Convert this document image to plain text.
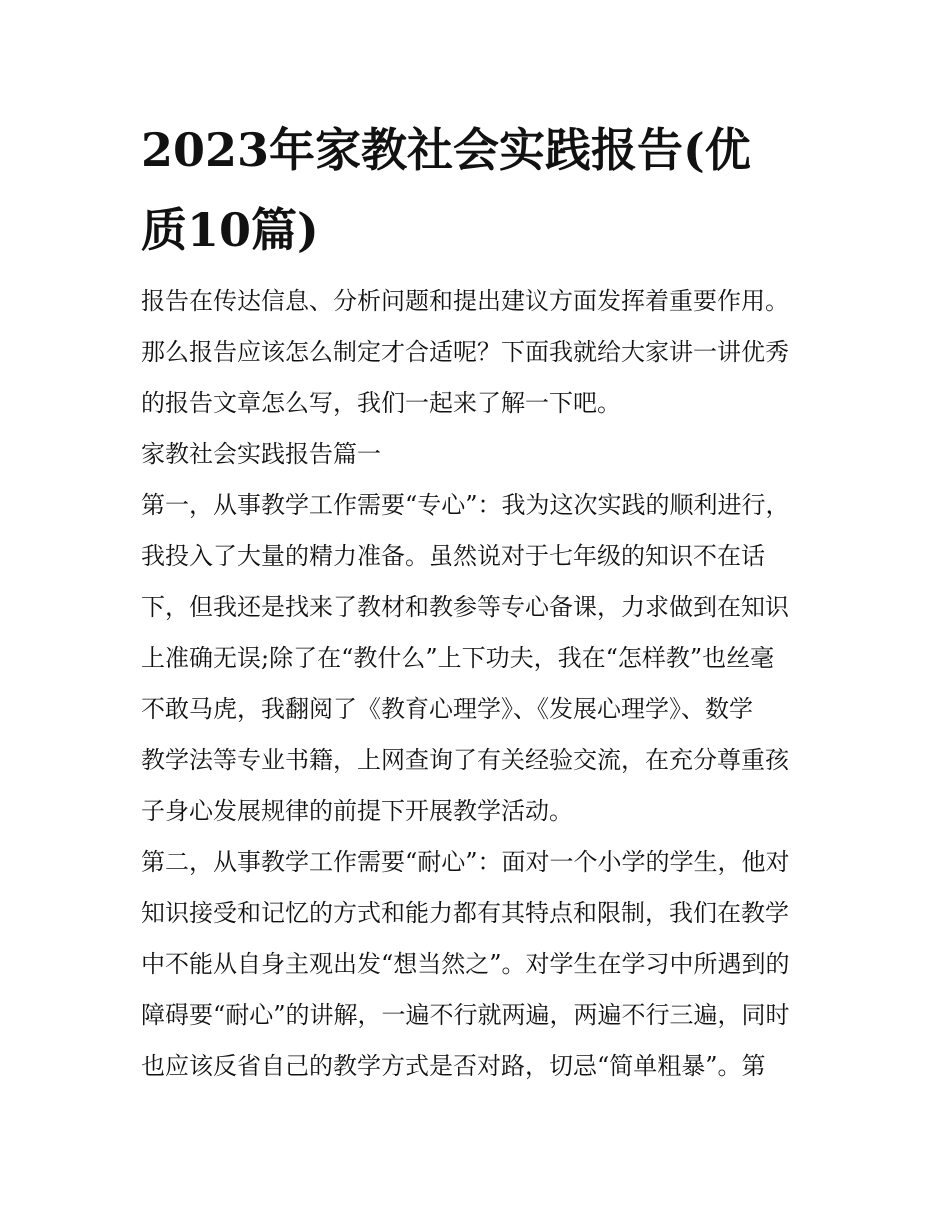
2023年家教社会实践报告(优
质10篇)
报告在传达信息、分析问题和提出建议方面发挥着重要作用。
那么报告应该怎么制定才合适呢？下面我就给大家讲一讲优秀
的报告文章怎么写，我们一起来了解一下吧。
家教社会实践报告篇一
第一，从事教学工作需要“专心”：我为这次实践的顺利进行，
我投入了大量的精力准备。虽然说对于七年级的知识不在话
下，但我还是找来了教材和教参等专心备课，力求做到在知识
上准确无误;除了在“教什么”上下功夫，我在“怎样教”也丝毫
不敢马虎，我翻阅了《教育心理学》、《发展心理学》、数学
教学法等专业书籍，上网查询了有关经验交流，在充分尊重孩
子身心发展规律的前提下开展教学活动。
第二，从事教学工作需要“耐心”：面对一个小学的学生，他对
知识接受和记忆的方式和能力都有其特点和限制，我们在教学
中不能从自身主观出发“想当然之”。对学生在学习中所遇到的
障碍要“耐心”的讲解，一遍不行就两遍，两遍不行三遍，同时
也应该反省自己的教学方式是否对路，切忌“简单粗暴”。第
